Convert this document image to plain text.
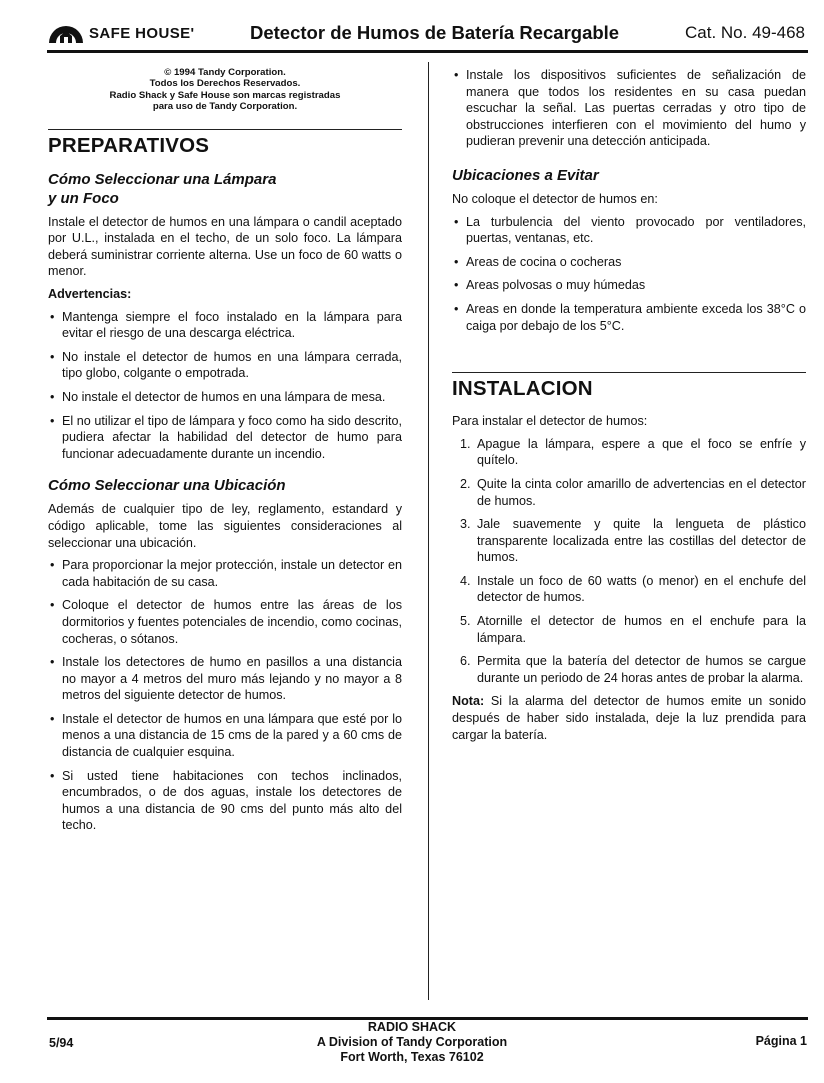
SAFE HOUSE'	Detector de Humos de Batería Recargable	Cat. No. 49-468
© 1994 Tandy Corporation.
Todos los Derechos Reservados.
Radio Shack y Safe House son marcas registradas
para uso de Tandy Corporation.
PREPARATIVOS
Cómo Seleccionar una Lámpara
y un Foco

Instale el detector de humos en una lámpara o candil aceptado por U.L., instalada en el techo, de un solo foco. La lámpara deberá suministrar corriente alterna. Use un foco de 60 watts o menor.

Advertencias:

• Mantenga siempre el foco instalado en la lámpara para evitar el riesgo de una descarga eléctrica.
• No instale el detector de humos en una lámpara cerrada, tipo globo, colgante o empotrada.
• No instale el detector de humos en una lámpara de mesa.
• El no utilizar el tipo de lámpara y foco como ha sido descrito, pudiera afectar la habilidad del detector de humo para funcionar adecuadamente durante un incendio.
Cómo Seleccionar una Ubicación

Además de cualquier tipo de ley, reglamento, estandard y código aplicable, tome las siguientes consideraciones al seleccionar una ubicación.

• Para proporcionar la mejor protección, instale un detector en cada habitación de su casa.
• Coloque el detector de humos entre las áreas de los dormitorios y fuentes potenciales de incendio, como cocinas, cocheras, o sótanos.
• Instale los detectores de humo en pasillos a una distancia no mayor a 4 metros del muro más lejando y no mayor a 8 metros del siguiente detector de humos.
• Instale el detector de humos en una lámpara que esté por lo menos a una distancia de 15 cms de la pared y a 60 cms de distancia de cualquier esquina.
• Si usted tiene habitaciones con techos inclinados, encumbrados, o de dos aguas, instale los detectores de humos a una distancia de 90 cms del punto más alto del techo.
• Instale los dispositivos suficientes de señalización de manera que todos los residentes en su casa puedan escuchar la señal. Las puertas cerradas y otro tipo de obstrucciones interfieren con el movimiento del humo y pudieran prevenir una detección anticipada.
Ubicaciones a Evitar

No coloque el detector de humos en:

• La turbulencia del viento provocado por ventiladores, puertas, ventanas, etc.
• Areas de cocina o cocheras
• Areas polvosas o muy húmedas
• Areas en donde la temperatura ambiente exceda los 38°C o caiga por debajo de los 5°C.
INSTALACION

Para instalar el detector de humos:

1. Apague la lámpara, espere a que el foco se enfríe y quítelo.
2. Quite la cinta color amarillo de advertencias en el detector de humos.
3. Jale suavemente y quite la lengueta de plástico transparente localizada entre las costillas del detector de humos.
4. Instale un foco de 60 watts (o menor) en el enchufe del detector de humos.
5. Atornille el detector de humos en el enchufe para la lámpara.
6. Permita que la batería del detector de humos se cargue durante un periodo de 24 horas antes de probar la alarma.

Nota: Si la alarma del detector de humos emite un sonido después de haber sido instalada, deje la luz prendida para cargar la batería.

5/94
RADIO SHACK
A Division of Tandy Corporation
Fort Worth, Texas 76102
Página 1
